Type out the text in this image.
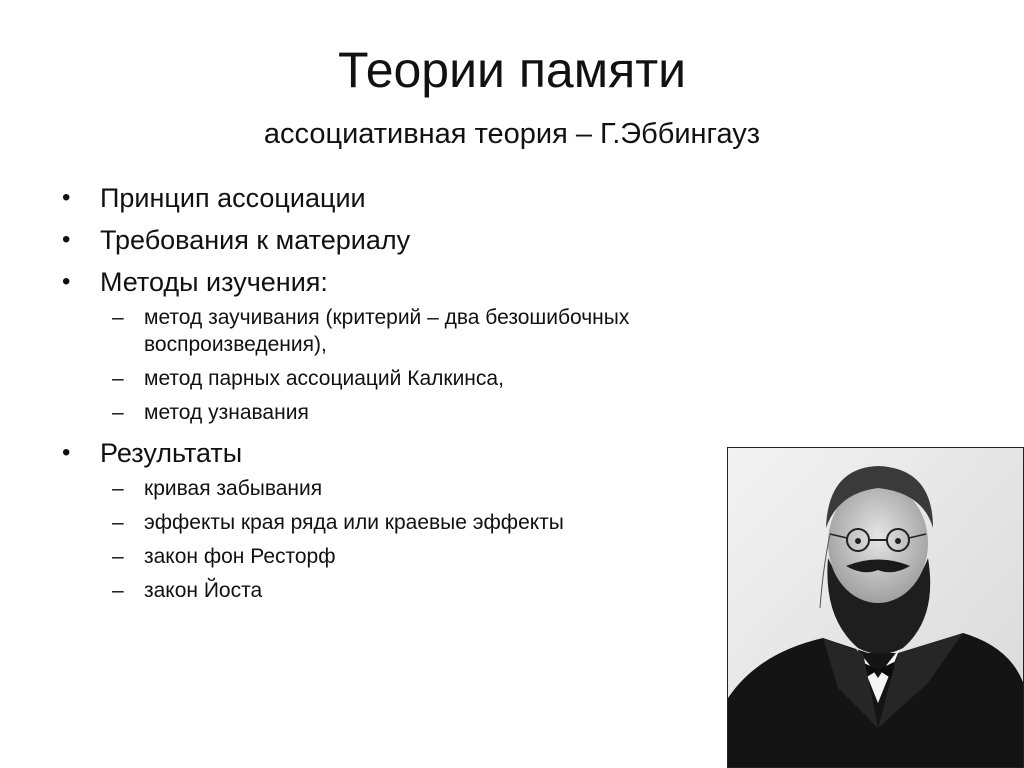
Теории памяти
ассоциативная теория – Г.Эббингауз
• Принцип ассоциации
• Требования к материалу
• Методы изучения:
– метод заучивания (критерий – два безошибочных воспроизведения),
– метод парных ассоциаций Калкинса,
– метод узнавания
• Результаты
– кривая забывания
– эффекты края ряда или краевые эффекты
– закон фон Ресторф
– закон Йоста
